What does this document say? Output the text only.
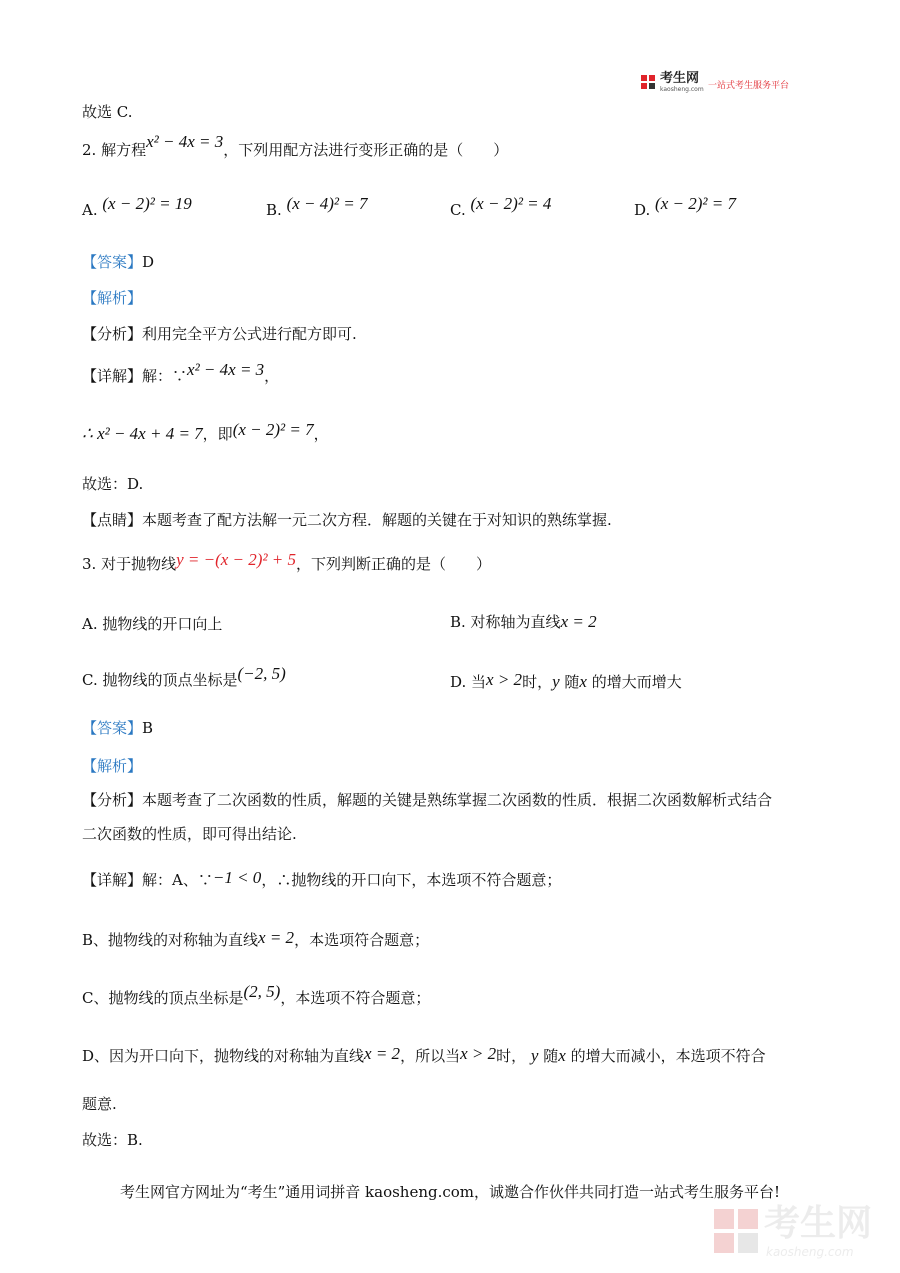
考生网
kaosheng.com 一站式考生服务平台
故选 C.
2. 解方程x² − 4x = 3，下列用配方法进行变形正确的是（　　）
A. (x − 2)² = 19	B. (x − 4)² = 7	C. (x − 2)² = 4	D. (x − 2)² = 7
【答案】D
【解析】
【分析】利用完全平方公式进行配方即可.
【详解】解：∵x² − 4x = 3，
∴ x² − 4x + 4 = 7，即(x − 2)² = 7，
故选：D.
【点睛】本题考查了配方法解一元二次方程．解题的关键在于对知识的熟练掌握.
3. 对于抛物线y = −(x − 2)² + 5，下列判断正确的是（　　）
A. 抛物线的开口向上	B. 对称轴为直线x = 2
C. 抛物线的顶点坐标是(−2, 5)	D. 当x > 2时，y 随x 的增大而增大
【答案】B
【解析】
【分析】本题考查了二次函数的性质，解题的关键是熟练掌握二次函数的性质．根据二次函数解析式结合
二次函数的性质，即可得出结论.
【详解】解：A、∵−1 < 0，∴抛物线的开口向下，本选项不符合题意；
B、抛物线的对称轴为直线x = 2，本选项符合题意；
C、抛物线的顶点坐标是(2, 5)，本选项不符合题意；
D、因为开口向下，抛物线的对称轴为直线x = 2，所以当x > 2时， y 随x 的增大而减小，本选项不符合
题意.
故选：B.
考生网官方网址为“考生”通用词拼音 kaosheng.com，诚邀合作伙伴共同打造一站式考生服务平台!
考生网
kaosheng.com
